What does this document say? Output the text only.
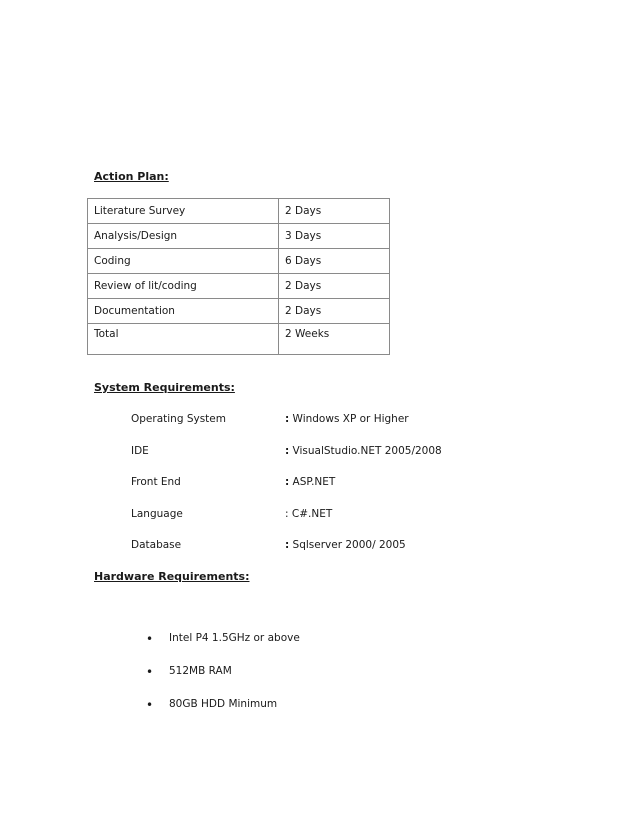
Action Plan:

Literature Survey	2 Days
Analysis/Design	3 Days
Coding	6 Days
Review of lit/coding	2 Days
Documentation	2 Days
Total	2 Weeks

System Requirements:

Operating System	: Windows XP or Higher
IDE	: VisualStudio.NET 2005/2008
Front End	: ASP.NET
Language	: C#.NET
Database	: Sqlserver 2000/ 2005

Hardware Requirements:

• Intel P4 1.5GHz or above
• 512MB RAM
• 80GB HDD Minimum
